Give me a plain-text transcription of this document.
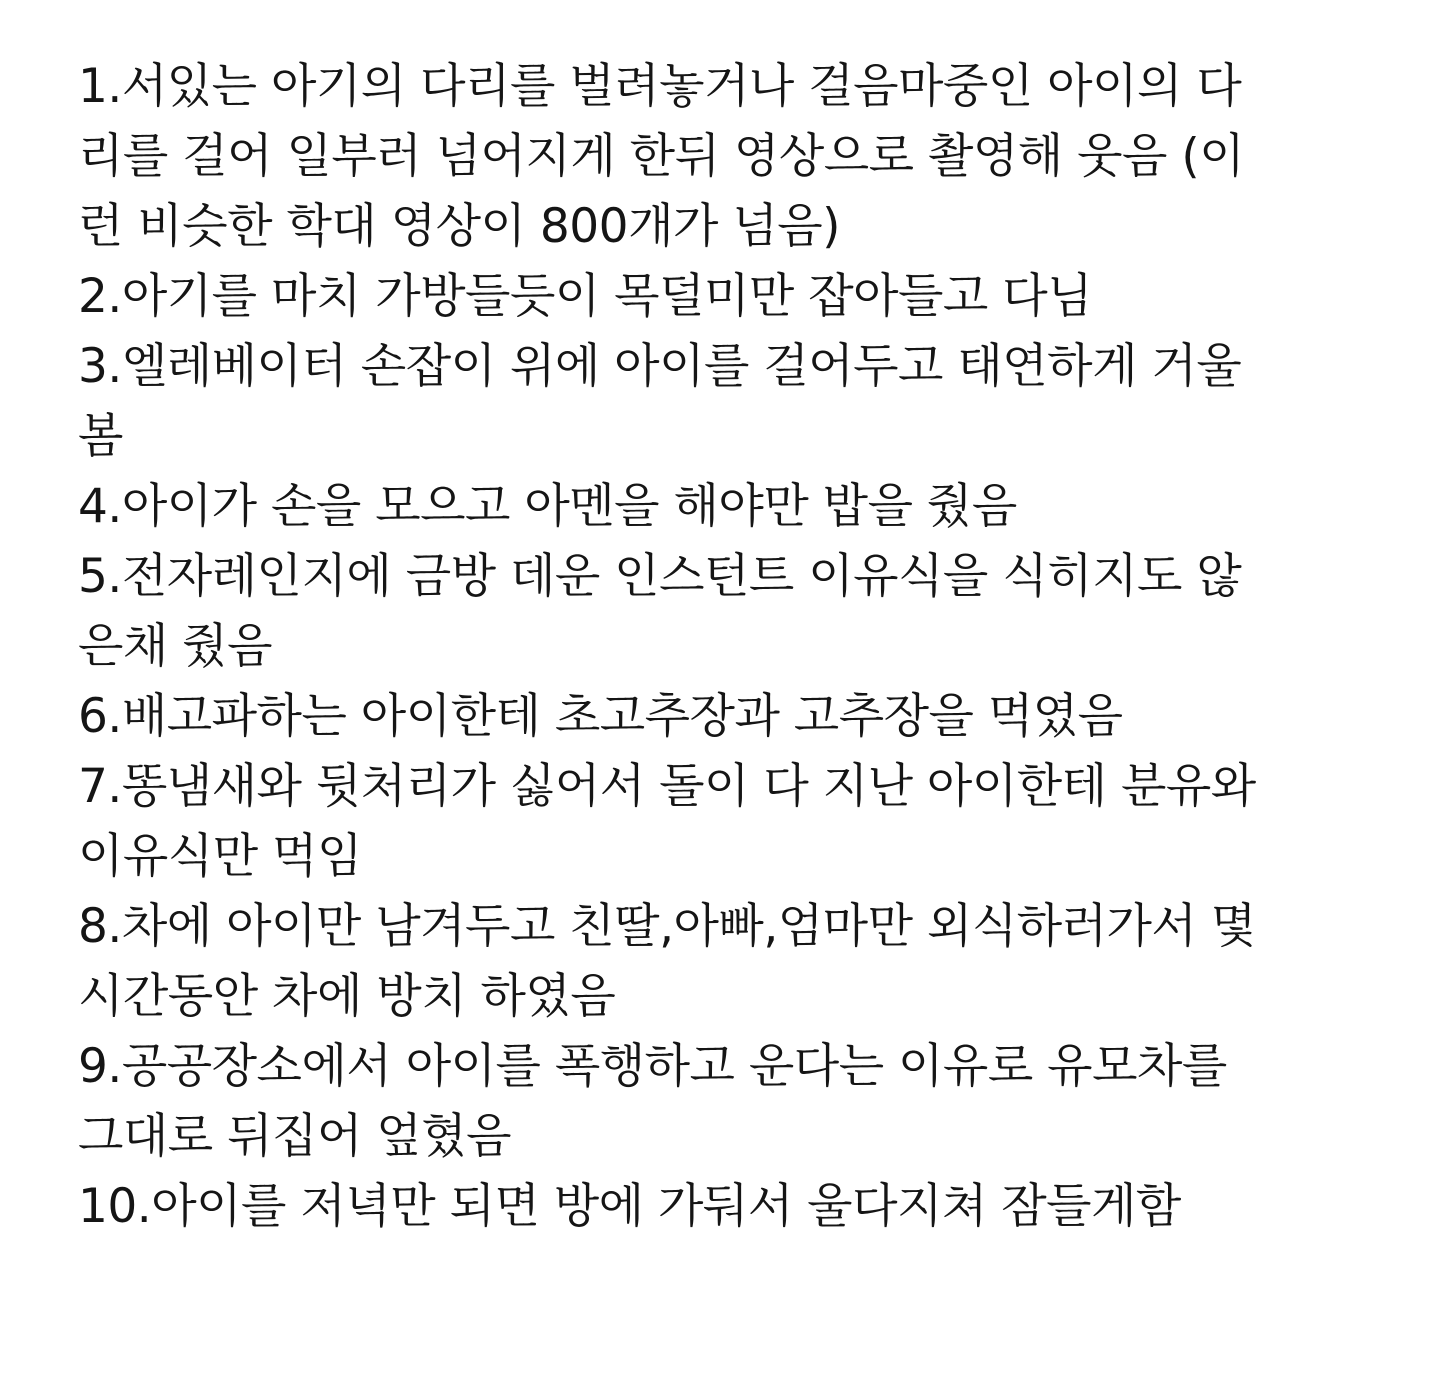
1.서있는 아기의 다리를 벌려놓거나 걸음마중인 아이의 다
리를 걸어 일부러 넘어지게 한뒤 영상으로 촬영해 웃음 (이
런 비슷한 학대 영상이 800개가 넘음)
2.아기를 마치 가방들듯이 목덜미만 잡아들고 다님
3.엘레베이터 손잡이 위에 아이를 걸어두고 태연하게 거울
봄
4.아이가 손을 모으고 아멘을 해야만 밥을 줬음
5.전자레인지에 금방 데운 인스턴트 이유식을 식히지도 않
은채 줬음
6.배고파하는 아이한테 초고추장과 고추장을 먹였음
7.똥냄새와 뒷처리가 싫어서 돌이 다 지난 아이한테 분유와
이유식만 먹임
8.차에 아이만 남겨두고 친딸,아빠,엄마만 외식하러가서 몇
시간동안 차에 방치 하였음
9.공공장소에서 아이를 폭행하고 운다는 이유로 유모차를
그대로 뒤집어 엎혔음
10.아이를 저녁만 되면 방에 가둬서 울다지쳐 잠들게함
